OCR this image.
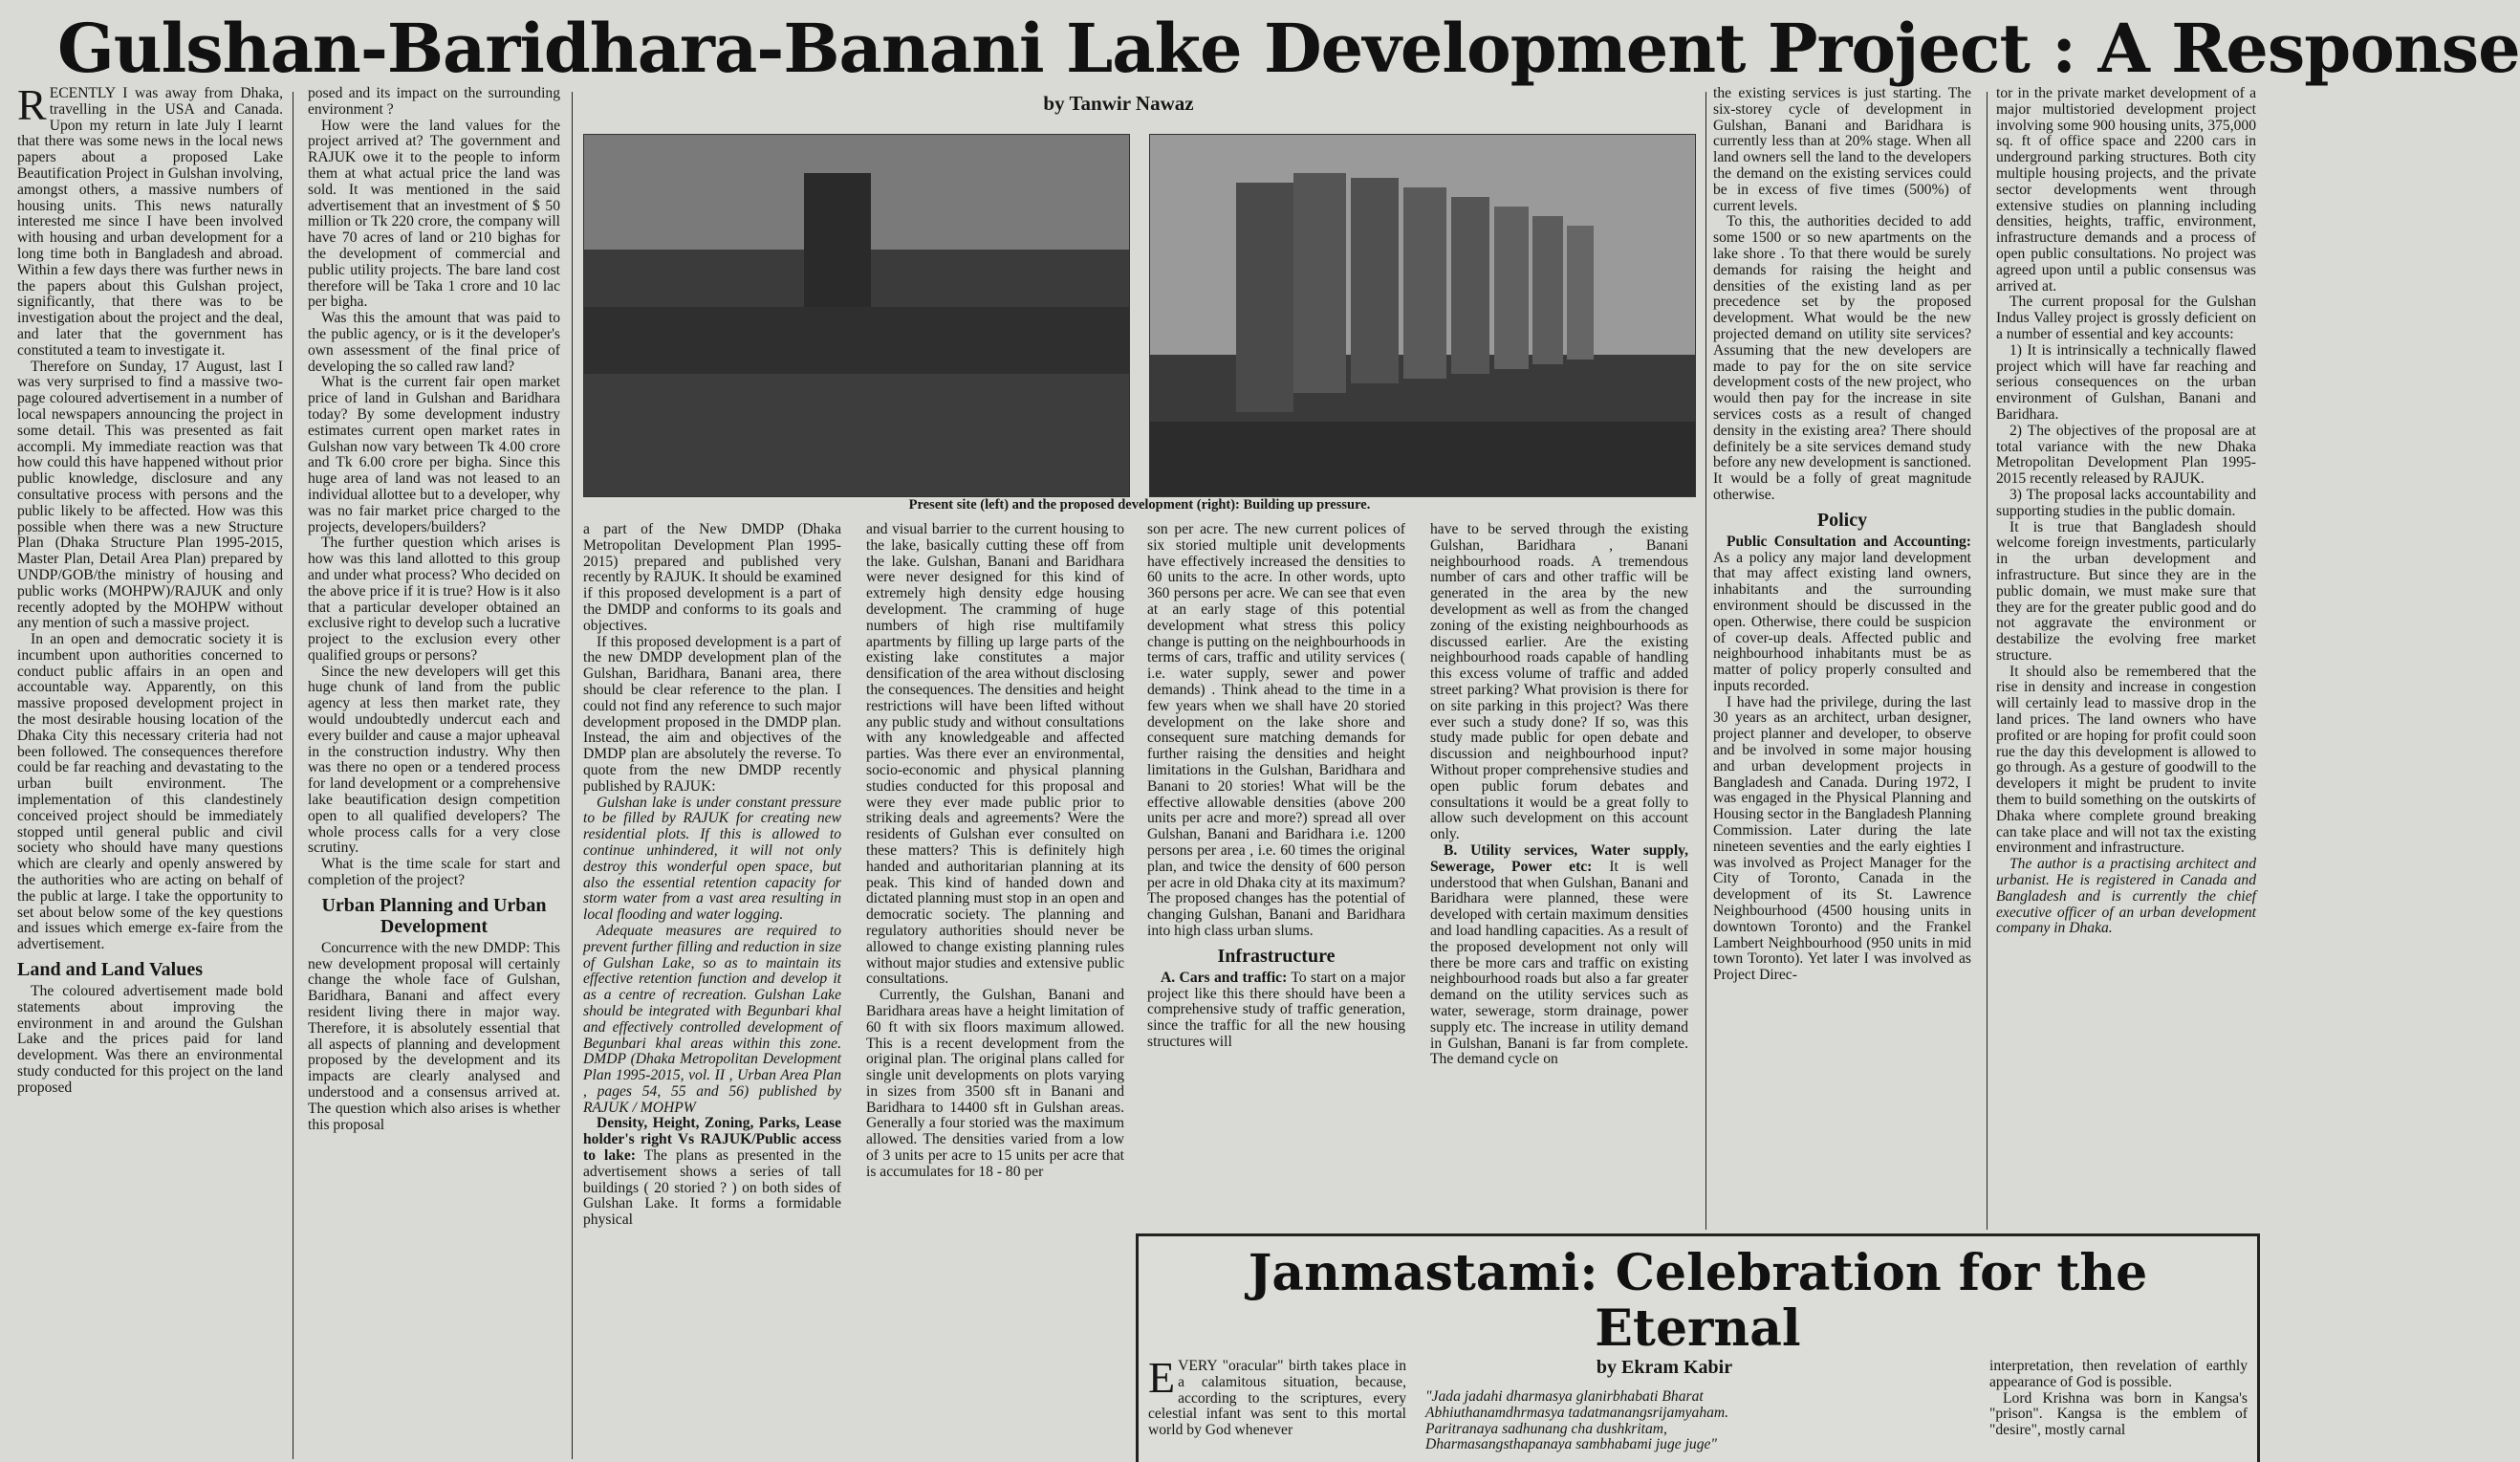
Gulshan-Baridhara-Banani Lake Development Project : A Response
by Tanwir Nawaz

RECENTLY I was away from Dhaka, travelling in the USA and Canada. Upon my return in late July I learnt that there was some news in the local news papers about a proposed Lake Beautification Project in Gulshan involving, amongst others, a massive numbers of housing units. This news naturally interested me since I have been involved with housing and urban development for a long time both in Bangladesh and abroad. Within a few days there was further news in the papers about this Gulshan project, significantly, that there was to be investigation about the project and the deal, and later that the government has constituted a team to investigate it.

Therefore on Sunday, 17 August, last I was very surprised to find a massive two-page coloured advertisement in a number of local newspapers announcing the project in some detail. This was presented as fait accompli. My immediate reaction was that how could this have happened without prior public knowledge, disclosure and any consultative process with persons and the public likely to be affected. How was this possible when there was a new Structure Plan (Dhaka Structure Plan 1995-2015, Master Plan, Detail Area Plan) prepared by UNDP/GOB/the ministry of housing and public works (MOHPW)/RAJUK and only recently adopted by the MOHPW without any mention of such a massive project.

In an open and democratic society it is incumbent upon authorities concerned to conduct public affairs in an open and accountable way. Apparently, on this massive proposed development project in the most desirable housing location of the Dhaka City this necessary criteria had not been followed. The consequences therefore could be far reaching and devastating to the urban built environment. The implementation of this clandestinely conceived project should be immediately stopped until general public and civil society who should have many questions which are clearly and openly answered by the authorities who are acting on behalf of the public at large. I take the opportunity to set about below some of the key questions and issues which emerge ex-faire from the advertisement.

Land and Land Values

The coloured advertisement made bold statements about improving the environment in and around the Gulshan Lake and the prices paid for land development. Was there an environmental study conducted for this project on the land proposed

posed and its impact on the surrounding environment ?

How were the land values for the project arrived at? The government and RAJUK owe it to the people to inform them at what actual price the land was sold. It was mentioned in the said advertisement that an investment of $ 50 million or Tk 220 crore, the company will have 70 acres of land or 210 bighas for the development of commercial and public utility projects. The bare land cost therefore will be Taka 1 crore and 10 lac per bigha.

Was this the amount that was paid to the public agency, or is it the developer's own assessment of the final price of developing the so called raw land?

What is the current fair open market price of land in Gulshan and Baridhara today? By some development industry estimates current open market rates in Gulshan now vary between Tk 4.00 crore and Tk 6.00 crore per bigha. Since this huge area of land was not leased to an individual allottee but to a developer, why was no fair market price charged to the projects, developers/builders?

The further question which arises is how was this land allotted to this group and under what process? Who decided on the above price if it is true? How is it also that a particular developer obtained an exclusive right to develop such a lucrative project to the exclusion every other qualified groups or persons?

Since the new developers will get this huge chunk of land from the public agency at less then market rate, they would undoubtedly undercut each and every builder and cause a major upheaval in the construction industry. Why then was there no open or a tendered process for land development or a comprehensive lake beautification design competition open to all qualified developers? The whole process calls for a very close scrutiny.

What is the time scale for start and completion of the project?

Urban Planning and Urban Development

Concurrence with the new DMDP: This new development proposal will certainly change the whole face of Gulshan, Baridhara, Banani and affect every resident living there in major way. Therefore, it is absolutely essential that all aspects of planning and development proposed by the development and its impacts are clearly analysed and understood and a consensus arrived at. The question which also arises is whether this proposal

Present site (left) and the proposed development (right): Building up pressure.

a part of the New DMDP (Dhaka Metropolitan Development Plan 1995-2015) prepared and published very recently by RAJUK. It should be examined if this proposed development is a part of the DMDP and conforms to its goals and objectives.

If this proposed development is a part of the new DMDP development plan of the Gulshan, Baridhara, Banani area, there should be clear reference to the plan. I could not find any reference to such major development proposed in the DMDP plan. Instead, the aim and objectives of the DMDP plan are absolutely the reverse. To quote from the new DMDP recently published by RAJUK:

Gulshan lake is under constant pressure to be filled by RAJUK for creating new residential plots. If this is allowed to continue unhindered, it will not only destroy this wonderful open space, but also the essential retention capacity for storm water from a vast area resulting in local flooding and water logging.

Adequate measures are required to prevent further filling and reduction in size of Gulshan Lake, so as to maintain its effective retention function and develop it as a centre of recreation. Gulshan Lake should be integrated with Begunbari khal and effectively controlled development of Begunbari khal areas within this zone. DMDP (Dhaka Metropolitan Development Plan 1995-2015, vol. II , Urban Area Plan , pages 54, 55 and 56) published by RAJUK / MOHPW

Density, Height, Zoning, Parks, Lease holder's right Vs RAJUK/Public access to lake: The plans as presented in the advertisement shows a series of tall buildings ( 20 storied ? ) on both sides of Gulshan Lake. It forms a formidable physical

and visual barrier to the current housing to the lake, basically cutting these off from the lake. Gulshan, Banani and Baridhara were never designed for this kind of extremely high density edge housing development. The cramming of huge numbers of high rise multifamily apartments by filling up large parts of the existing lake constitutes a major densification of the area without disclosing the consequences. The densities and height restrictions will have been lifted without any public study and without consultations with any knowledgeable and affected parties. Was there ever an environmental, socio-economic and physical planning studies conducted for this proposal and were they ever made public prior to striking deals and agreements? Were the residents of Gulshan ever consulted on these matters? This is definitely high handed and authoritarian planning at its peak. This kind of handed down and dictated planning must stop in an open and democratic society. The planning and regulatory authorities should never be allowed to change existing planning rules without major studies and extensive public consultations.

Currently, the Gulshan, Banani and Baridhara areas have a height limitation of 60 ft with six floors maximum allowed. This is a recent development from the original plan. The original plans called for single unit developments on plots varying in sizes from 3500 sft in Banani and Baridhara to 14400 sft in Gulshan areas. Generally a four storied was the maximum allowed. The densities varied from a low of 3 units per acre to 15 units per acre that is accumulates for 18 - 80 per

son per acre. The new current polices of six storied multiple unit developments have effectively increased the densities to 60 units to the acre. In other words, upto 360 persons per acre. We can see that even at an early stage of this potential development what stress this policy change is putting on the neighbourhoods in terms of cars, traffic and utility services ( i.e. water supply, sewer and power demands) . Think ahead to the time in a few years when we shall have 20 storied development on the lake shore and consequent sure matching demands for further raising the densities and height limitations in the Gulshan, Baridhara and Banani to 20 stories! What will be the effective allowable densities (above 200 units per acre and more?) spread all over Gulshan, Banani and Baridhara i.e. 1200 persons per area , i.e. 60 times the original plan, and twice the density of 600 person per acre in old Dhaka city at its maximum? The proposed changes has the potential of changing Gulshan, Banani and Baridhara into high class urban slums.

Infrastructure

A. Cars and traffic: To start on a major project like this there should have been a comprehensive study of traffic generation, since the traffic for all the new housing structures will

have to be served through the existing Gulshan, Baridhara , Banani neighbourhood roads. A tremendous number of cars and other traffic will be generated in the area by the new development as well as from the changed zoning of the existing neighbourhoods as discussed earlier. Are the existing neighbourhood roads capable of handling this excess volume of traffic and added street parking? What provision is there for on site parking in this project? Was there ever such a study done? If so, was this study made public for open debate and discussion and neighbourhood input? Without proper comprehensive studies and open public forum debates and consultations it would be a great folly to allow such development on this account only.

B. Utility services, Water supply, Sewerage, Power etc: It is well understood that when Gulshan, Banani and Baridhara were planned, these were developed with certain maximum densities and load handling capacities. As a result of the proposed development not only will there be more cars and traffic on existing neighbourhood roads but also a far greater demand on the utility services such as water, sewerage, storm drainage, power supply etc. The increase in utility demand in Gulshan, Banani is far from complete. The demand cycle on

the existing services is just starting. The six-storey cycle of development in Gulshan, Banani and Baridhara is currently less than at 20% stage. When all land owners sell the land to the developers the demand on the existing services could be in excess of five times (500%) of current levels.

To this, the authorities decided to add some 1500 or so new apartments on the lake shore . To that there would be surely demands for raising the height and densities of the existing land as per precedence set by the proposed development. What would be the new projected demand on utility site services? Assuming that the new developers are made to pay for the on site service development costs of the new project, who would then pay for the increase in site services costs as a result of changed density in the existing area? There should definitely be a site services demand study before any new development is sanctioned. It would be a folly of great magnitude otherwise.

Policy

Public Consultation and Accounting: As a policy any major land development that may affect existing land owners, inhabitants and the surrounding environment should be discussed in the open. Otherwise, there could be suspicion of cover-up deals. Affected public and neighbourhood inhabitants must be as matter of policy properly consulted and inputs recorded.

I have had the privilege, during the last 30 years as an architect, urban designer, project planner and developer, to observe and be involved in some major housing and urban development projects in Bangladesh and Canada. During 1972, I was engaged in the Physical Planning and Housing sector in the Bangladesh Planning Commission. Later during the late nineteen seventies and the early eighties I was involved as Project Manager for the City of Toronto, Canada in the development of its St. Lawrence Neighbourhood (4500 housing units in downtown Toronto) and the Frankel Lambert Neighbourhood (950 units in mid town Toronto). Yet later I was involved as Project Direc-

tor in the private market development of a major multistoried development project involving some 900 housing units, 375,000 sq. ft of office space and 2200 cars in underground parking structures. Both city multiple housing projects, and the private sector developments went through extensive studies on planning including densities, heights, traffic, environment, infrastructure demands and a process of open public consultations. No project was agreed upon until a public consensus was arrived at.

The current proposal for the Gulshan Indus Valley project is grossly deficient on a number of essential and key accounts:

1) It is intrinsically a technically flawed project which will have far reaching and serious consequences on the urban environment of Gulshan, Banani and Baridhara.

2) The objectives of the proposal are at total variance with the new Dhaka Metropolitan Development Plan 1995-2015 recently released by RAJUK.

3) The proposal lacks accountability and supporting studies in the public domain.

It is true that Bangladesh should welcome foreign investments, particularly in the urban development and infrastructure. But since they are in the public domain, we must make sure that they are for the greater public good and do not aggravate the environment or destabilize the evolving free market structure.

It should also be remembered that the rise in density and increase in congestion will certainly lead to massive drop in the land prices. The land owners who have profited or are hoping for profit could soon rue the day this development is allowed to go through. As a gesture of goodwill to the developers it might be prudent to invite them to build something on the outskirts of Dhaka where complete ground breaking can take place and will not tax the existing environment and infrastructure.

The author is a practising architect and urbanist. He is registered in Canada and Bangladesh and is currently the chief executive officer of an urban development company in Dhaka.

Janmastami: Celebration for the Eternal
by Ekram Kabir

EVERY "oracular" birth takes place in a calamitous situation, because, according to the scriptures, every celestial infant was sent to this mortal world by God whenever

"Jada jadahi dharmasya glanirbhabati Bharat

Abhiuthanamdhrmasya tadatmanangsrijamyaham.

Paritranaya sadhunang cha dushkritam,

Dharmasangsthapanaya sambhabami juge juge"

interpretation, then revelation of earthly appearance of God is possible.

Lord Krishna was born in Kangsa's "prison". Kangsa is the emblem of "desire", mostly carnal
